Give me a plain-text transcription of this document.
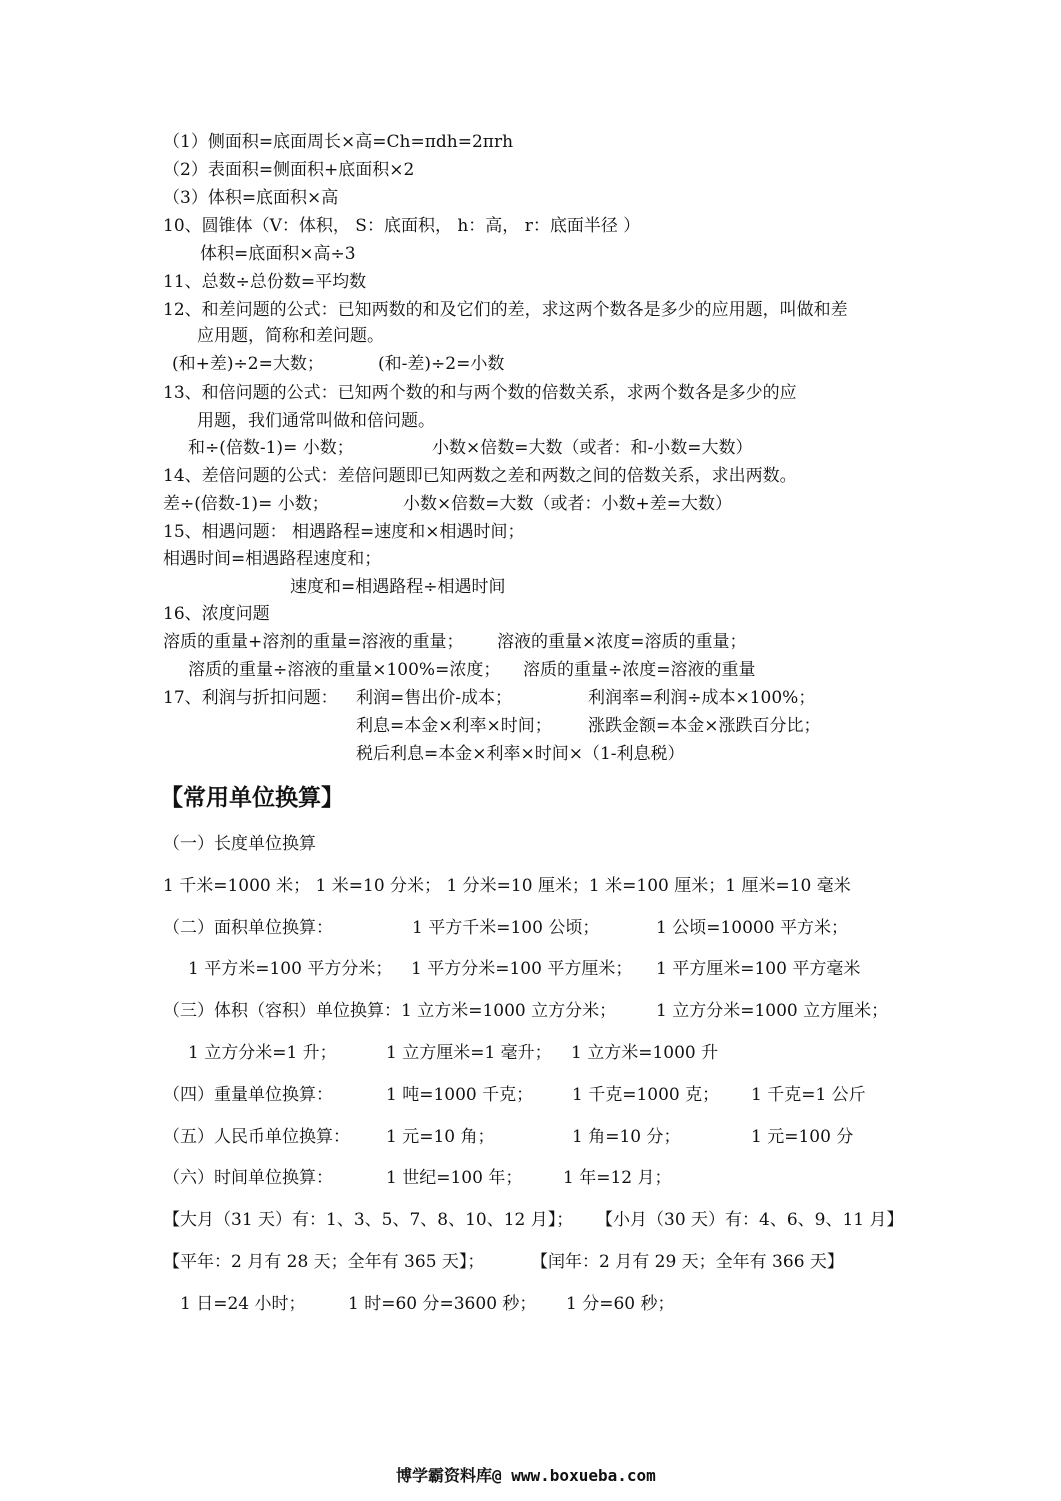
（1）侧面积=底面周长×高=Ch=πdh=2πrh
（2）表面积=侧面积+底面积×2
（3）体积=底面积×高
10、圆锥体（V：体积， S：底面积， h：高， r：底面半径 ）
体积=底面积×高÷3
11、总数÷总份数=平均数
12、和差问题的公式：已知两数的和及它们的差，求这两个数各是多少的应用题，叫做和差
应用题，简称和差问题。
(和+差)÷2=大数；	(和-差)÷2=小数
13、和倍问题的公式：已知两个数的和与两个数的倍数关系，求两个数各是多少的应
用题，我们通常叫做和倍问题。
和÷(倍数-1)= 小数；	小数×倍数=大数（或者：和-小数=大数）
14、差倍问题的公式：差倍问题即已知两数之差和两数之间的倍数关系，求出两数。
差÷(倍数-1)= 小数；	小数×倍数=大数（或者：小数+差=大数）
15、相遇问题： 相遇路程=速度和×相遇时间；
相遇时间=相遇路程速度和；
速度和=相遇路程÷相遇时间
16、浓度问题
溶质的重量+溶剂的重量=溶液的重量； 溶液的重量×浓度=溶质的重量；
溶质的重量÷溶液的重量×100%=浓度； 溶质的重量÷浓度=溶液的重量
17、利润与折扣问题： 利润=售出价-成本；	利润率=利润÷成本×100%；
利息=本金×利率×时间； 涨跌金额=本金×涨跌百分比；
税后利息=本金×利率×时间×（1-利息税）
【常用单位换算】
（一）长度单位换算
1 千米=1000 米； 1 米=10 分米； 1 分米=10 厘米；1 米=100 厘米；1 厘米=10 毫米
（二）面积单位换算：	1 平方千米=100 公顷；	1 公顷=10000 平方米；
1 平方米=100 平方分米； 1 平方分米=100 平方厘米； 1 平方厘米=100 平方毫米
（三）体积（容积）单位换算：1 立方米=1000 立方分米； 1 立方分米=1000 立方厘米；
1 立方分米=1 升；	1 立方厘米=1 毫升； 1 立方米=1000 升
（四）重量单位换算：	1 吨=1000 千克； 1 千克=1000 克； 1 千克=1 公斤
（五）人民币单位换算： 1 元=10 角；	1 角=10 分；	1 元=100 分
（六）时间单位换算：	1 世纪=100 年； 1 年=12 月；
【大月（31 天）有：1、3、5、7、8、10、12 月】； 【小月（30 天）有：4、6、9、11 月】
【平年：2 月有 28 天；全年有 365 天】；	【闰年：2 月有 29 天；全年有 366 天】
1 日=24 小时；	1 时=60 分=3600 秒； 1 分=60 秒；
博学霸资料库@ www.boxueba.com
